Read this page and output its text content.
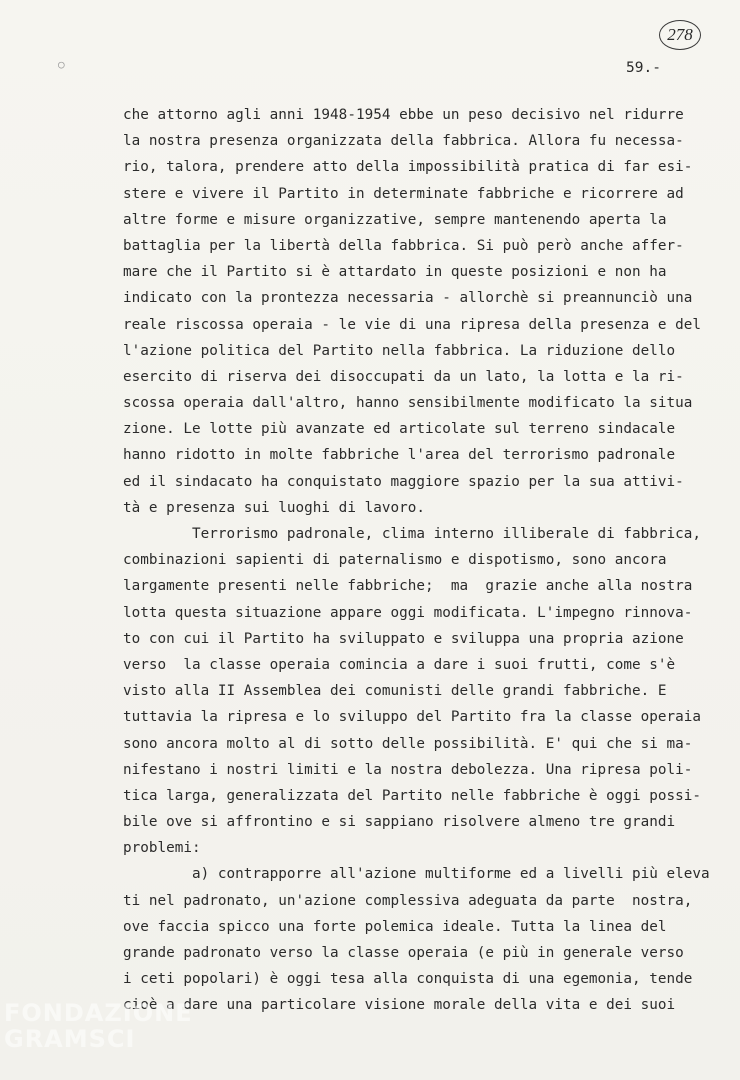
278
59.-
○
che attorno agli anni 1948-1954 ebbe un peso decisivo nel ridurre
la nostra presenza organizzata della fabbrica. Allora fu necessa-
rio, talora, prendere atto della impossibilità pratica di far esi-
stere e vivere il Partito in determinate fabbriche e ricorrere ad
altre forme e misure organizzative, sempre mantenendo aperta la
battaglia per la libertà della fabbrica. Si può però anche affer-
mare che il Partito si è attardato in queste posizioni e non ha
indicato con la prontezza necessaria - allorchè si preannunciò una
reale riscossa operaia - le vie di una ripresa della presenza e del
l'azione politica del Partito nella fabbrica. La riduzione dello
esercito di riserva dei disoccupati da un lato, la lotta e la ri-
scossa operaia dall'altro, hanno sensibilmente modificato la situa
zione. Le lotte più avanzate ed articolate sul terreno sindacale
hanno ridotto in molte fabbriche l'area del terrorismo padronale
ed il sindacato ha conquistato maggiore spazio per la sua attivi-
tà e presenza sui luoghi di lavoro.
Terrorismo padronale, clima interno illiberale di fabbrica,
combinazioni sapienti di paternalismo e dispotismo, sono ancora
largamente presenti nelle fabbriche;  ma  grazie anche alla nostra
lotta questa situazione appare oggi modificata. L'impegno rinnova-
to con cui il Partito ha sviluppato e sviluppa una propria azione
verso  la classe operaia comincia a dare i suoi frutti, come s'è
visto alla II Assemblea dei comunisti delle grandi fabbriche. E
tuttavia la ripresa e lo sviluppo del Partito fra la classe operaia
sono ancora molto al di sotto delle possibilità. E' qui che si ma-
nifestano i nostri limiti e la nostra debolezza. Una ripresa poli-
tica larga, generalizzata del Partito nelle fabbriche è oggi possi-
bile ove si affrontino e si sappiano risolvere almeno tre grandi
problemi:
a) contrapporre all'azione multiforme ed a livelli più eleva
ti nel padronato, un'azione complessiva adeguata da parte  nostra,
ove faccia spicco una forte polemica ideale. Tutta la linea del
grande padronato verso la classe operaia (e più in generale verso
i ceti popolari) è oggi tesa alla conquista di una egemonia, tende
cioè a dare una particolare visione morale della vita e dei suoi
FONDAZIONE
GRAMSCI
